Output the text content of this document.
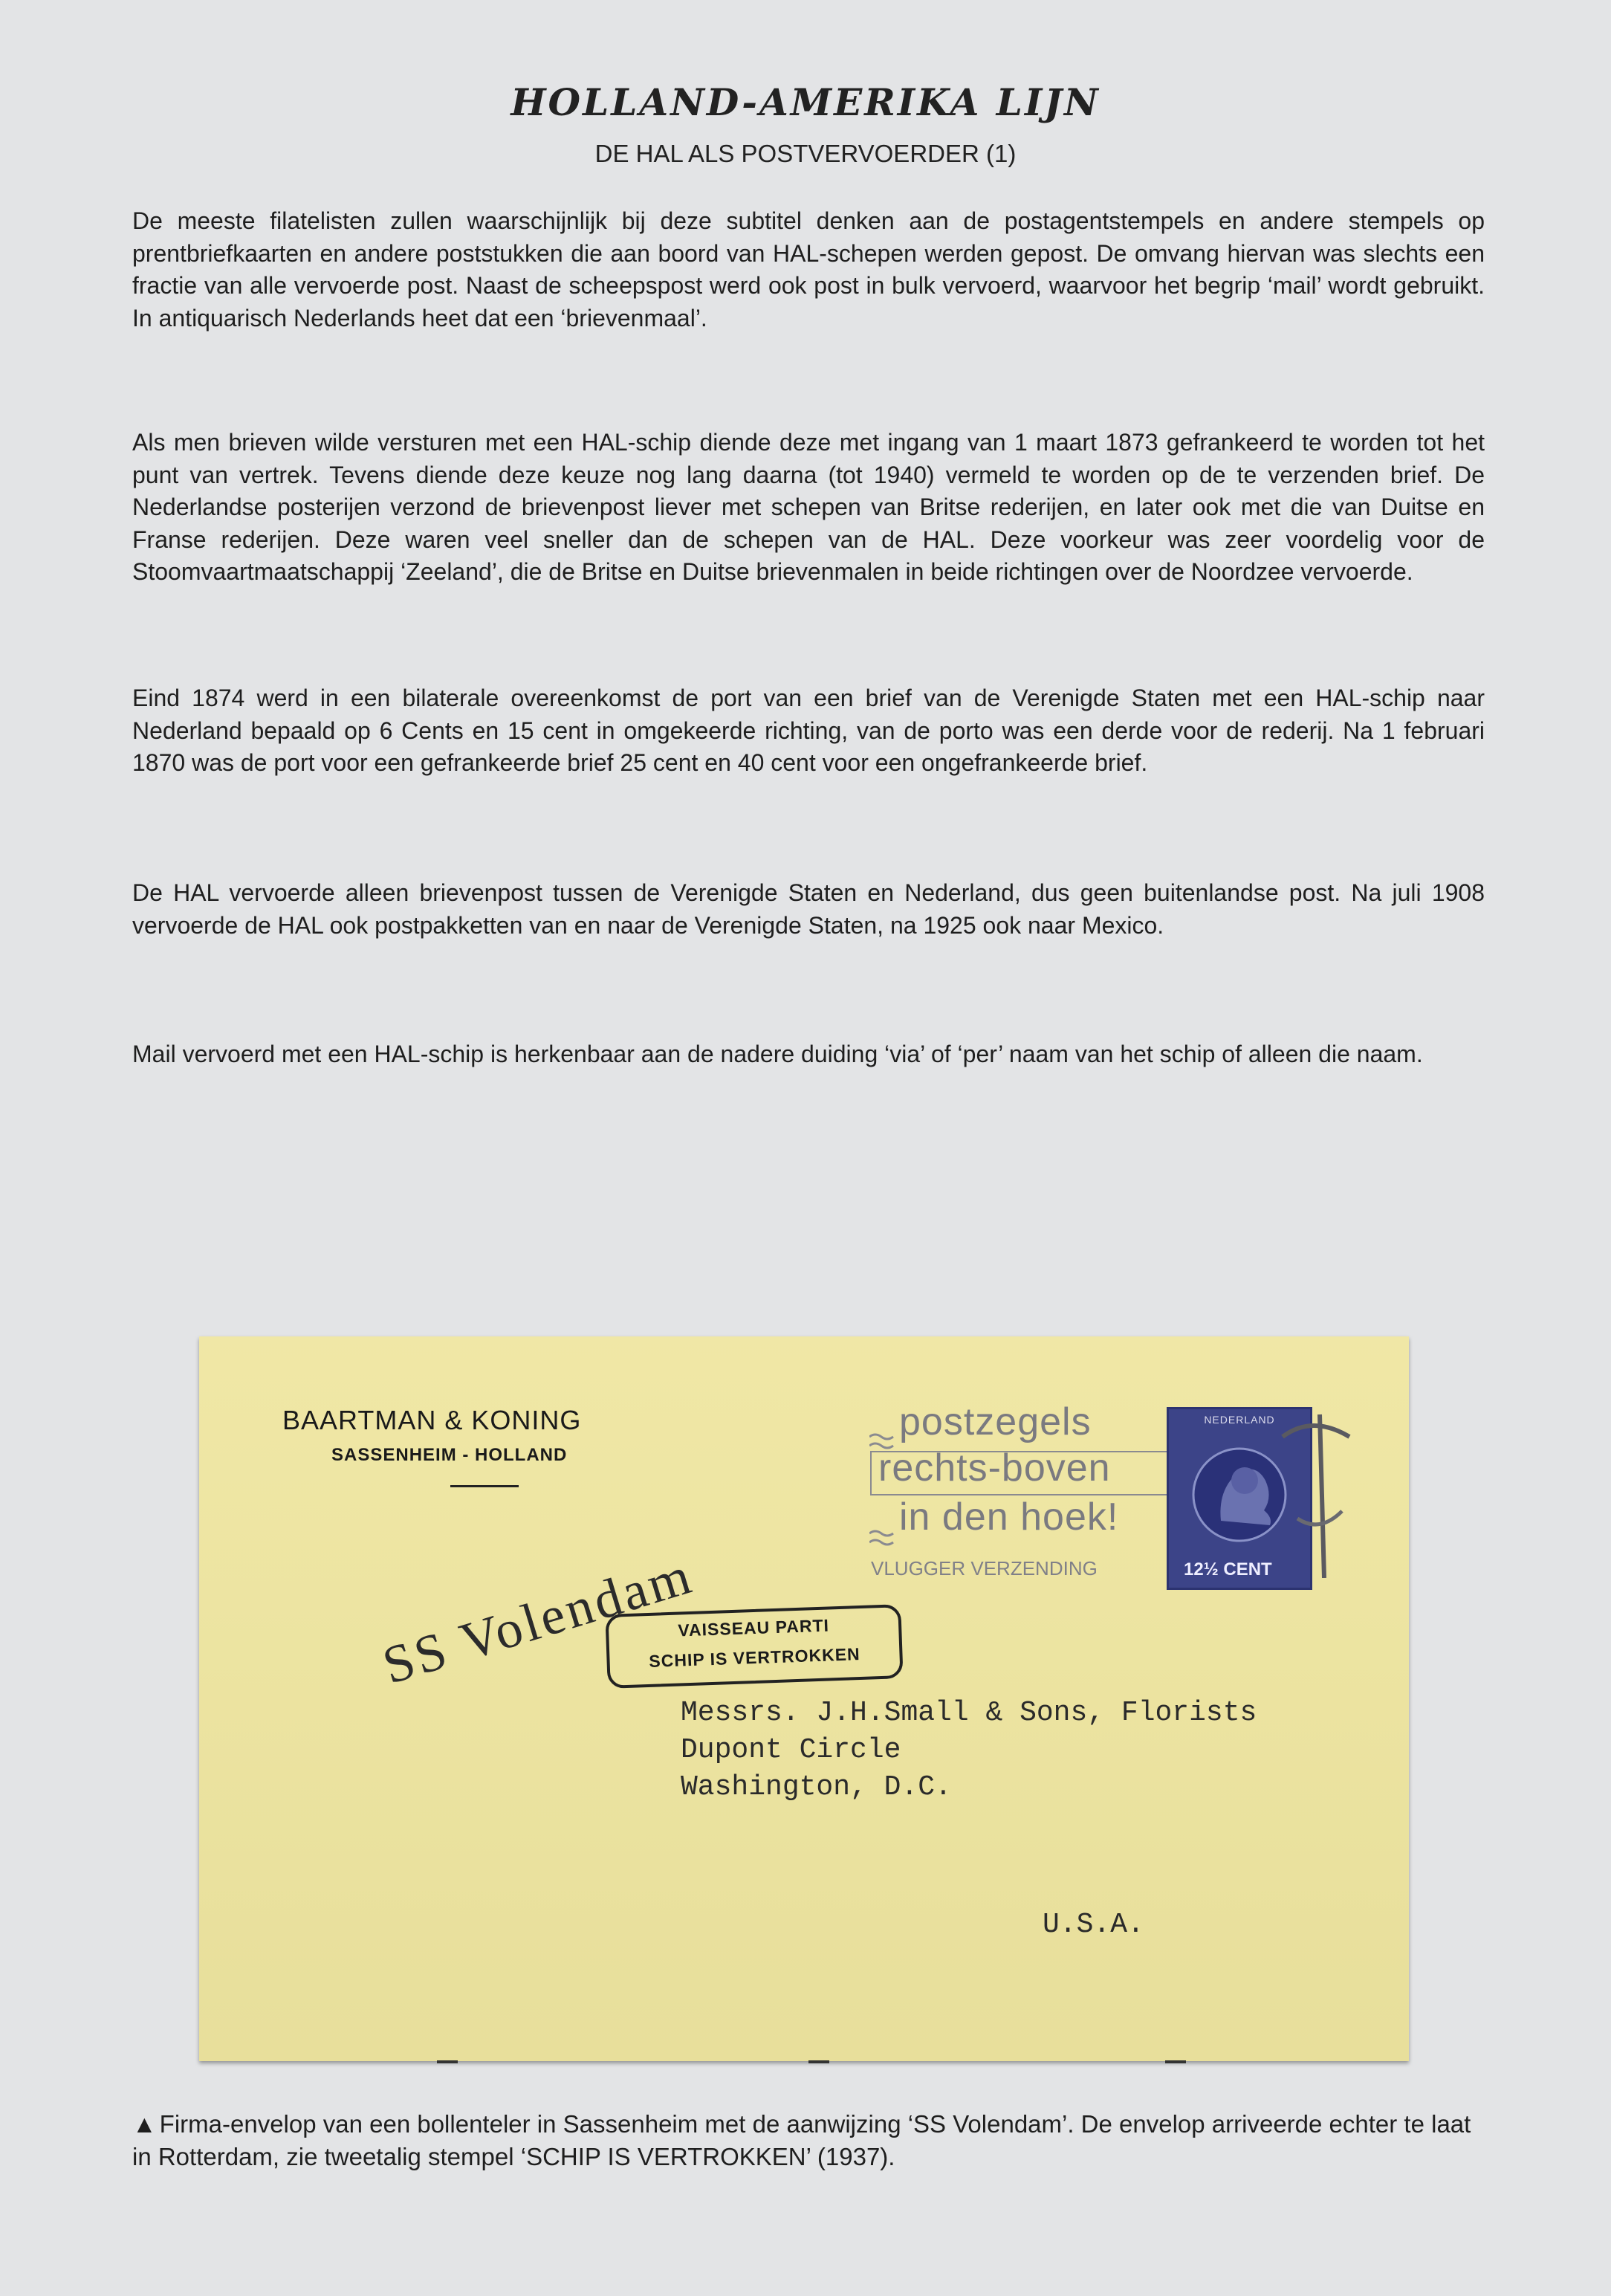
HOLLAND-AMERIKA LIJN
DE HAL ALS POSTVERVOERDER (1)

De meeste filatelisten zullen waarschijnlijk bij deze subtitel denken aan de postagentstempels en andere stempels op prentbriefkaarten en andere poststukken die aan boord van HAL-schepen werden gepost. De omvang hiervan was slechts een fractie van alle vervoerde post. Naast de scheepspost werd ook post in bulk vervoerd, waarvoor het begrip ‘mail’ wordt gebruikt. In antiquarisch Nederlands heet dat een ‘brievenmaal’.

Als men brieven wilde versturen met een HAL-schip diende deze met ingang van 1 maart 1873 gefrankeerd te worden tot het punt van vertrek. Tevens diende deze keuze nog lang daarna (tot 1940) vermeld te worden op de te verzenden brief. De Nederlandse posterijen verzond de brievenpost liever met schepen van Britse rederijen, en later ook met die van Duitse en Franse rederijen. Deze waren veel sneller dan de schepen van de HAL. Deze voorkeur was zeer voordelig voor de Stoomvaartmaatschappij ‘Zeeland’, die de Britse en Duitse brievenmalen in beide richtingen over de Noordzee vervoerde.

Eind 1874 werd in een bilaterale overeenkomst de port van een brief van de Verenigde Staten met een HAL-schip naar Nederland bepaald op 6 Cents en 15 cent in omgekeerde richting, van de porto was een derde voor de rederij. Na 1 februari 1870 was de port voor een gefrankeerde brief 25 cent en 40 cent voor een ongefrankeerde brief.

De HAL vervoerde alleen brievenpost tussen de Verenigde Staten en Nederland, dus geen buitenlandse post. Na juli 1908 vervoerde de HAL ook postpakketten van en naar de Verenigde Staten, na 1925 ook naar Mexico.

Mail vervoerd met een HAL-schip is herkenbaar aan de nadere duiding ‘via’ of ‘per’ naam van het schip of alleen die naam.

BAARTMAN & KONING
SASSENHEIM - HOLLAND
postzegels
rechts-boven
in den hoek!
VLUGGER VERZENDING
NEDERLAND
12½ CENT
SS Volendam
VAISSEAU PARTI
SCHIP IS VERTROKKEN
Messrs. J.H.Small & Sons, Florists
Dupont Circle
Washington, D.C.
U.S.A.
▲ Firma-envelop van een bollenteler in Sassenheim met de aanwijzing ‘SS Volendam’. De envelop arriveerde echter te laat in Rotterdam, zie tweetalig stempel ‘SCHIP IS VERTROKKEN’ (1937).
